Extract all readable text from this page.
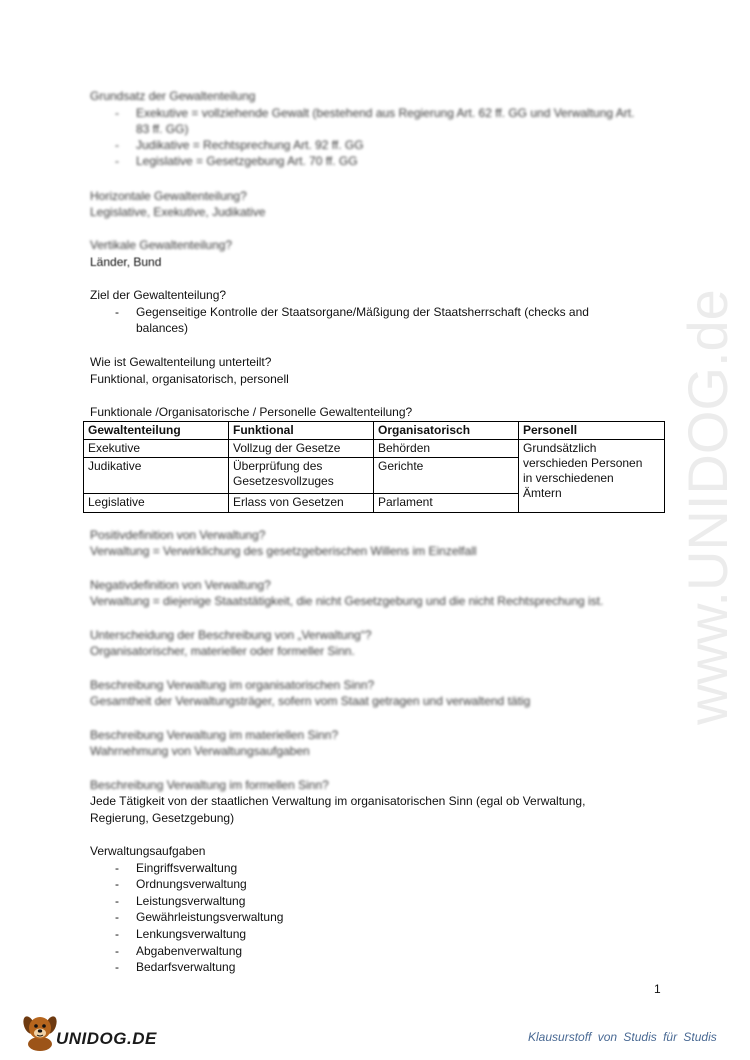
www.UNIDOG.de
Grundsatz der Gewaltenteilung
- Exekutive = vollziehende Gewalt (bestehend aus Regierung Art. 62 ff. GG und Verwaltung Art.
83 ff. GG)
- Judikative = Rechtsprechung Art. 92 ff. GG
- Legislative = Gesetzgebung Art. 70 ff. GG
Horizontale Gewaltenteilung?
Legislative, Exekutive, Judikative
Vertikale Gewaltenteilung?
Länder, Bund
Ziel der Gewaltenteilung?
- Gegenseitige Kontrolle der Staatsorgane/Mäßigung der Staatsherrschaft (checks and
balances)
Wie ist Gewaltenteilung unterteilt?
Funktional, organisatorisch, personell
Funktionale /Organisatorische / Personelle Gewaltenteilung?
Gewaltenteilung	Funktional	Organisatorisch	Personell
Exekutive	Vollzug der Gesetze	Behörden	Grundsätzlich verschieden Personen in verschiedenen Ämtern
Judikative	Überprüfung des Gesetzesvollzuges	Gerichte	
Legislative	Erlass von Gesetzen	Parlament	
Positivdefinition von Verwaltung?
Verwaltung = Verwirklichung des gesetzgeberischen Willens im Einzelfall
Negativdefinition von Verwaltung?
Verwaltung = diejenige Staatstätigkeit, die nicht Gesetzgebung und die nicht Rechtsprechung ist.
Unterscheidung der Beschreibung von „Verwaltung“?
Organisatorischer, materieller oder formeller Sinn.
Beschreibung Verwaltung im organisatorischen Sinn?
Gesamtheit der Verwaltungsträger, sofern vom Staat getragen und verwaltend tätig
Beschreibung Verwaltung im materiellen Sinn?
Wahrnehmung von Verwaltungsaufgaben
Beschreibung Verwaltung im formellen Sinn?
Jede Tätigkeit von der staatlichen Verwaltung im organisatorischen Sinn (egal ob Verwaltung,
Regierung, Gesetzgebung)
Verwaltungsaufgaben
- Eingriffsverwaltung
- Ordnungsverwaltung
- Leistungsverwaltung
- Gewährleistungsverwaltung
- Lenkungsverwaltung
- Abgabenverwaltung
- Bedarfsverwaltung
1
UNIDOG.DE	Klausurstoff von Studis für Studis
